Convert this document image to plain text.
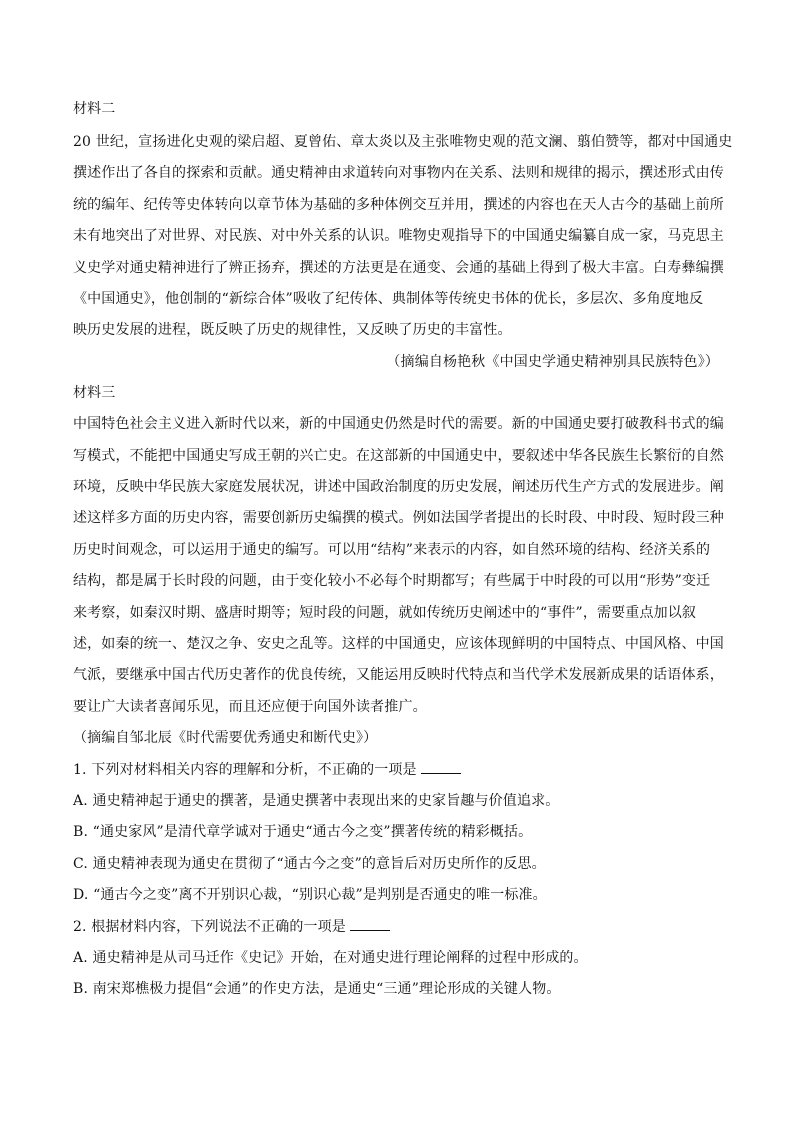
材料二
20 世纪，宣扬进化史观的梁启超、夏曾佑、章太炎以及主张唯物史观的范文澜、翦伯赞等，都对中国通史
撰述作出了各自的探索和贡献。通史精神由求道转向对事物内在关系、法则和规律的揭示，撰述形式由传
统的编年、纪传等史体转向以章节体为基础的多种体例交互并用，撰述的内容也在天人古今的基础上前所
未有地突出了对世界、对民族、对中外关系的认识。唯物史观指导下的中国通史编纂自成一家，马克思主
义史学对通史精神进行了辨正扬弃，撰述的方法更是在通变、会通的基础上得到了极大丰富。白寿彝编撰
《中国通史》，他创制的“新综合体”吸收了纪传体、典制体等传统史书体的优长，多层次、多角度地反
映历史发展的进程，既反映了历史的规律性，又反映了历史的丰富性。
（摘编自杨艳秋《中国史学通史精神别具民族特色》）
材料三
中国特色社会主义进入新时代以来，新的中国通史仍然是时代的需要。新的中国通史要打破教科书式的编
写模式，不能把中国通史写成王朝的兴亡史。在这部新的中国通史中，要叙述中华各民族生长繁衍的自然
环境，反映中华民族大家庭发展状况，讲述中国政治制度的历史发展，阐述历代生产方式的发展进步。阐
述这样多方面的历史内容，需要创新历史编撰的模式。例如法国学者提出的长时段、中时段、短时段三种
历史时间观念，可以运用于通史的编写。可以用“结构”来表示的内容，如自然环境的结构、经济关系的
结构，都是属于长时段的问题，由于变化较小不必每个时期都写；有些属于中时段的可以用“形势”变迁
来考察，如秦汉时期、盛唐时期等；短时段的问题，就如传统历史阐述中的“事件”，需要重点加以叙
述，如秦的统一、楚汉之争、安史之乱等。这样的中国通史，应该体现鲜明的中国特点、中国风格、中国
气派，要继承中国古代历史著作的优良传统，又能运用反映时代特点和当代学术发展新成果的话语体系，
要让广大读者喜闻乐见，而且还应便于向国外读者推广。
（摘编自邹北辰《时代需要优秀通史和断代史》）
1. 下列对材料相关内容的理解和分析，不正确的一项是
A. 通史精神起于通史的撰著，是通史撰著中表现出来的史家旨趣与价值追求。
B. “通史家风”是清代章学诚对于通史“通古今之变”撰著传统的精彩概括。
C. 通史精神表现为通史在贯彻了“通古今之变”的意旨后对历史所作的反思。
D. “通古今之变”离不开别识心裁，“别识心裁”是判别是否通史的唯一标准。
2. 根据材料内容，下列说法不正确的一项是
A. 通史精神是从司马迁作《史记》开始，在对通史进行理论阐释的过程中形成的。
B. 南宋郑樵极力提倡“会通”的作史方法，是通史“三通”理论形成的关键人物。
